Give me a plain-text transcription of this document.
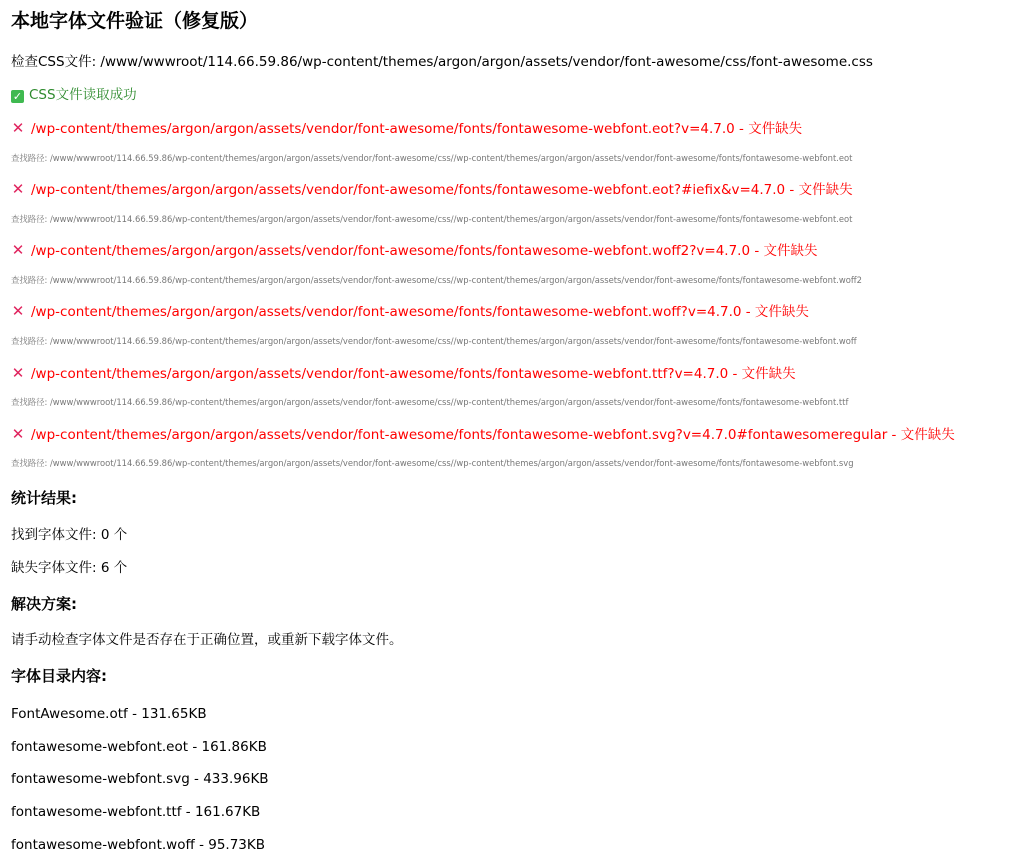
本地字体文件验证（修复版）

检查CSS文件: /www/wwwroot/114.66.59.86/wp-content/themes/argon/argon/assets/vendor/font-awesome/css/font-awesome.css

✓ CSS文件读取成功

✕ /wp-content/themes/argon/argon/assets/vendor/font-awesome/fonts/fontawesome-webfont.eot?v=4.7.0 - 文件缺失

查找路径: /www/wwwroot/114.66.59.86/wp-content/themes/argon/argon/assets/vendor/font-awesome/css//wp-content/themes/argon/argon/assets/vendor/font-awesome/fonts/fontawesome-webfont.eot

✕ /wp-content/themes/argon/argon/assets/vendor/font-awesome/fonts/fontawesome-webfont.eot?#iefix&v=4.7.0 - 文件缺失

查找路径: /www/wwwroot/114.66.59.86/wp-content/themes/argon/argon/assets/vendor/font-awesome/css//wp-content/themes/argon/argon/assets/vendor/font-awesome/fonts/fontawesome-webfont.eot

✕ /wp-content/themes/argon/argon/assets/vendor/font-awesome/fonts/fontawesome-webfont.woff2?v=4.7.0 - 文件缺失

查找路径: /www/wwwroot/114.66.59.86/wp-content/themes/argon/argon/assets/vendor/font-awesome/css//wp-content/themes/argon/argon/assets/vendor/font-awesome/fonts/fontawesome-webfont.woff2

✕ /wp-content/themes/argon/argon/assets/vendor/font-awesome/fonts/fontawesome-webfont.woff?v=4.7.0 - 文件缺失

查找路径: /www/wwwroot/114.66.59.86/wp-content/themes/argon/argon/assets/vendor/font-awesome/css//wp-content/themes/argon/argon/assets/vendor/font-awesome/fonts/fontawesome-webfont.woff

✕ /wp-content/themes/argon/argon/assets/vendor/font-awesome/fonts/fontawesome-webfont.ttf?v=4.7.0 - 文件缺失

查找路径: /www/wwwroot/114.66.59.86/wp-content/themes/argon/argon/assets/vendor/font-awesome/css//wp-content/themes/argon/argon/assets/vendor/font-awesome/fonts/fontawesome-webfont.ttf

✕ /wp-content/themes/argon/argon/assets/vendor/font-awesome/fonts/fontawesome-webfont.svg?v=4.7.0#fontawesomeregular - 文件缺失

查找路径: /www/wwwroot/114.66.59.86/wp-content/themes/argon/argon/assets/vendor/font-awesome/css//wp-content/themes/argon/argon/assets/vendor/font-awesome/fonts/fontawesome-webfont.svg

统计结果:

找到字体文件: 0 个

缺失字体文件: 6 个

解决方案:

请手动检查字体文件是否存在于正确位置，或重新下载字体文件。

字体目录内容:

FontAwesome.otf - 131.65KB

fontawesome-webfont.eot - 161.86KB

fontawesome-webfont.svg - 433.96KB

fontawesome-webfont.ttf - 161.67KB

fontawesome-webfont.woff - 95.73KB
